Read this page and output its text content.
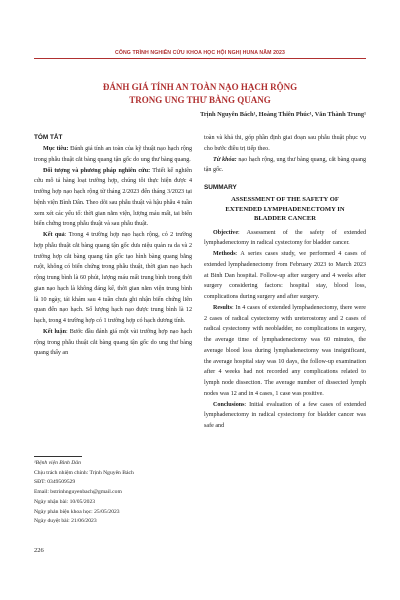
CÔNG TRÌNH NGHIÊN CỨU KHOA HỌC HỘI NGHỊ HUNA NĂM 2023
ĐÁNH GIÁ TÍNH AN TOÀN NẠO HẠCH RỘNG
TRONG UNG THƯ BÀNG QUANG
Trịnh Nguyên Bách¹, Hoàng Thiên Phúc¹, Văn Thành Trung¹
TÓM TẮT

Mục tiêu: Đánh giá tính an toàn của kỹ thuật nạo hạch rộng trong phẫu thuật cắt bàng quang tận gốc do ung thư bàng quang.

Đối tượng và phương pháp nghiên cứu: Thiết kế nghiên cứu mô tả hàng loạt trường hợp, chúng tôi thực hiện được 4 trường hợp nạo hạch rộng từ tháng 2/2023 đến tháng 3/2023 tại bệnh viện Bình Dân. Theo dõi sau phẫu thuật và hậu phẫu 4 tuần xem xét các yếu tố: thời gian nằm viện, lượng máu mất, tai biến biến chứng trong phẫu thuật và sau phẫu thuật.

Kết quả: Trong 4 trường hợp nạo hạch rộng, có 2 trường hợp phẫu thuật cắt bàng quang tận gốc dưa niệu quản ra da và 2 trường hợp cắt bàng quang tận gốc tạo hình bàng quang bằng ruột, không có biến chứng trong phẫu thuật, thời gian nạo hạch rộng trung bình là 60 phút, lượng máu mất trung bình trong thời gian nạo hạch là không đáng kể, thời gian nằm viện trung bình là 10 ngày, tái khám sau 4 tuần chưa ghi nhận biến chứng liên quan đến nạo hạch. Số lượng hạch nạo được trung bình là 12 hạch, trong 4 trường hợp có 1 trường hợp có hạch dương tính.

Kết luận: Bước đầu đánh giá một vài trường hợp nạo hạch rộng trong phẫu thuật cắt bàng quang tận gốc do ung thư bàng quang thấy an

toàn và khả thi, góp phần định giai đoạn sau phẫu thuật phục vụ cho bước điều trị tiếp theo.

Từ khóa: nạo hạch rộng, ung thư bàng quang, cắt bàng quang tận gốc.

SUMMARY
ASSESSMENT OF THE SAFETY OF
EXTENDED LYMPHADENECTOMY IN
BLADDER CANCER

Objective: Assessment of the safety of extended lymphadenectomy in radical cystectomy for bladder cancer.

Methods: A series cases study, we performed 4 cases of extended lymphadenectomy from February 2023 to March 2023 at Binh Dan hospital. Follow-up after surgery and 4 weeks after surgery considering factors: hospital stay, blood loss, complications during surgery and after surgery.

Results: In 4 cases of extended lymphadenectomy, there were 2 cases of radical cystectomy with ureterostomy and 2 cases of radical cystectomy with neobladder, no complications in surgery, the average time of lymphadenectomy was 60 minutes, the average blood loss during lymphadenectomy was insignificant, the average hospital stay was 10 days, the follow-up examination after 4 weeks had not recorded any complications related to lymph node dissection. The average number of dissected lymph nodes was 12 and in 4 cases, 1 case was positive.

Conclusions: Initial evaluation of a few cases of extended lymphadenectomy in radical cystectomy for bladder cancer was safe and

¹Bệnh viện Bình Dân

Chịu trách nhiệm chính: Trịnh Nguyên Bách

SĐT: 0349509529

Email: bstrinhnguyenbach@gmail.com

Ngày nhận bài: 10/05/2023

Ngày phản biện khoa học: 25/05/2023

Ngày duyệt bài: 21/06/2023

226
